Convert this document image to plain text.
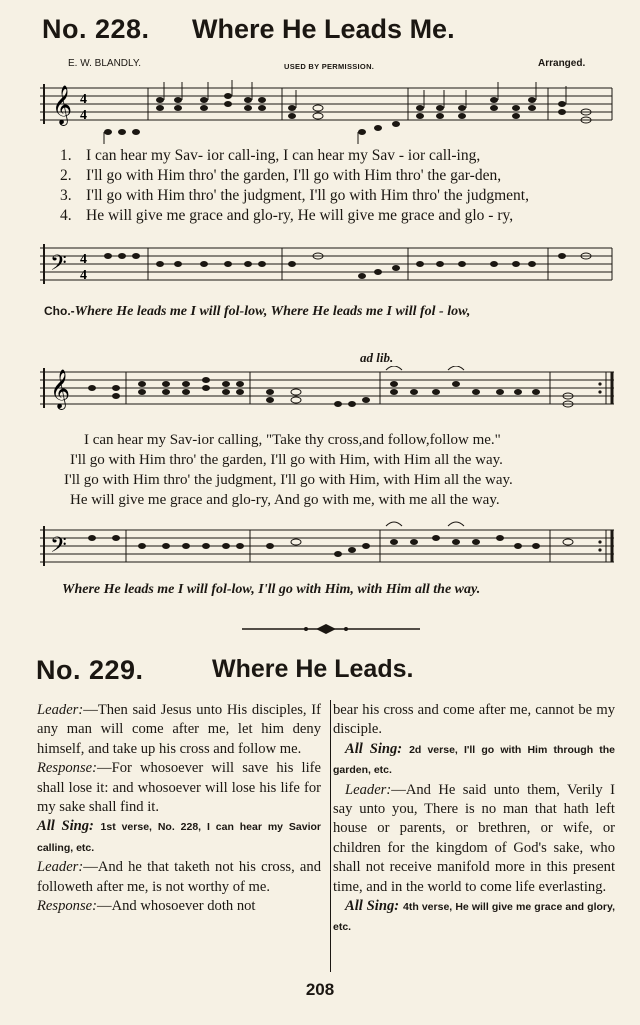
No. 228. Where He Leads Me.
E. W. BLANDLY.	USED BY PERMISSION.	Arranged.
𝄞 4
4
1. I can hear my Sav- ior call-ing, I can hear my Sav - ior call-ing,
2. I'll go with Him thro' the garden, I'll go with Him thro' the gar-den,
3. I'll go with Him thro' the judgment, I'll go with Him thro' the judgment,
4. He will give me grace and glo-ry, He will give me grace and glo - ry,
𝄢 4
4
Cho.-Where He leads me I will fol-low, Where He leads me I will fol - low,
ad lib.
𝄞
I can hear my Sav-ior calling, "Take thy cross,and follow,follow me."
I'll go with Him thro' the garden, I'll go with Him, with Him all the way.
I'll go with Him thro' the judgment, I'll go with Him, with Him all the way.
He will give me grace and glo-ry, And go with me, with me all the way.
𝄢
Where He leads me I will fol-low, I'll go with Him, with Him all the way.
No. 229.	Where He Leads.

Leader:—Then said Jesus unto His disciples, If any man will come after me, let him deny himself, and take up his cross and follow me.

Response:—For whosoever will save his life shall lose it: and whosoever will lose his life for my sake shall find it.

All Sing: 1st verse, No. 228, I can hear my Savior calling, etc.

Leader:—And he that taketh not his cross, and followeth after me, is not worthy of me.

Response:—And whosoever doth not

bear his cross and come after me, cannot be my disciple.

All Sing: 2d verse, I'll go with Him through the garden, etc.

Leader:—And He said unto them, Verily I say unto you, There is no man that hath left house or parents, or brethren, or wife, or children for the kingdom of God's sake, who shall not receive manifold more in this present time, and in the world to come life everlasting.

All Sing: 4th verse, He will give me grace and glory, etc.

208
